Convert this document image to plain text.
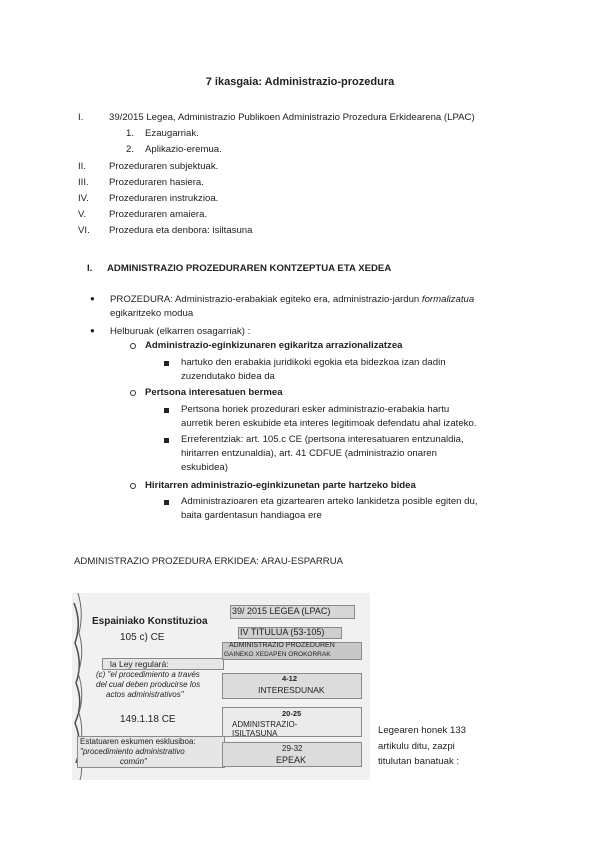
7 ikasgaia: Administrazio-prozedura
I.	39/2015 Legea, Administrazio Publikoen Administrazio Prozedura Erkidearena (LPAC)
1.	Ezaugarriak.
2.	Aplikazio-eremua.
II.	Prozeduraren subjektuak.
III.	Prozeduraren hasiera.
IV.	Prozeduraren instrukzioa.
V.	Prozeduraren amaiera.
VI.	Prozedura eta denbora: isiltasuna
I. ADMINISTRAZIO PROZEDURAREN KONTZEPTUA ETA XEDEA
● PROZEDURA: Administrazio-erabakiak egiteko era, administrazio-jardun formalizatua
egikaritzeko modua
● Helburuak (elkarren osagarriak) :
Administrazio-eginkizunaren egikaritza arrazionalizatzea
hartuko den erabakia juridikoki egokia eta bidezkoa izan dadin
zuzendutako bidea da
Pertsona interesatuen bermea
Pertsona horiek prozedurari esker administrazio-erabakia hartu
aurretik beren eskubide eta interes legitimoak defendatu ahal izateko.
Erreferentziak: art. 105.c CE (pertsona interesatuaren entzunaldia,
hiritarren entzunaldia), art. 41 CDFUE (administrazio onaren
eskubidea)
Hiritarren administrazio-eginkizunetan parte hartzeko bidea
Administrazioaren eta gizartearen arteko lankidetza posible egiten du,
baita gardentasun handiagoa ere
ADMINISTRAZIO PROZEDURA ERKIDEA: ARAU-ESPARRUA
Espainiako Konstituzioa
105 c) CE
la Ley regulará:
(c) "el procedimiento a través
del cual deben producirse los
actos administrativos"
149.1.18 CE
Estatuaren eskumen esklusiboa:
"procedimiento administrativo
común"
39/ 2015 LEGEA (LPAC)
IV TITULUA (53-105)
ADMINISTRAZIO PROZEDUREN
GAINEKO XEDAPEN OROKORRAK
4-12
INTERESDUNAK
20-25
ADMINISTRAZIO-
ISILTASUNA
29-32
EPEAK
Legearen honek 133
artikulu ditu, zazpi
titulutan banatuak :
